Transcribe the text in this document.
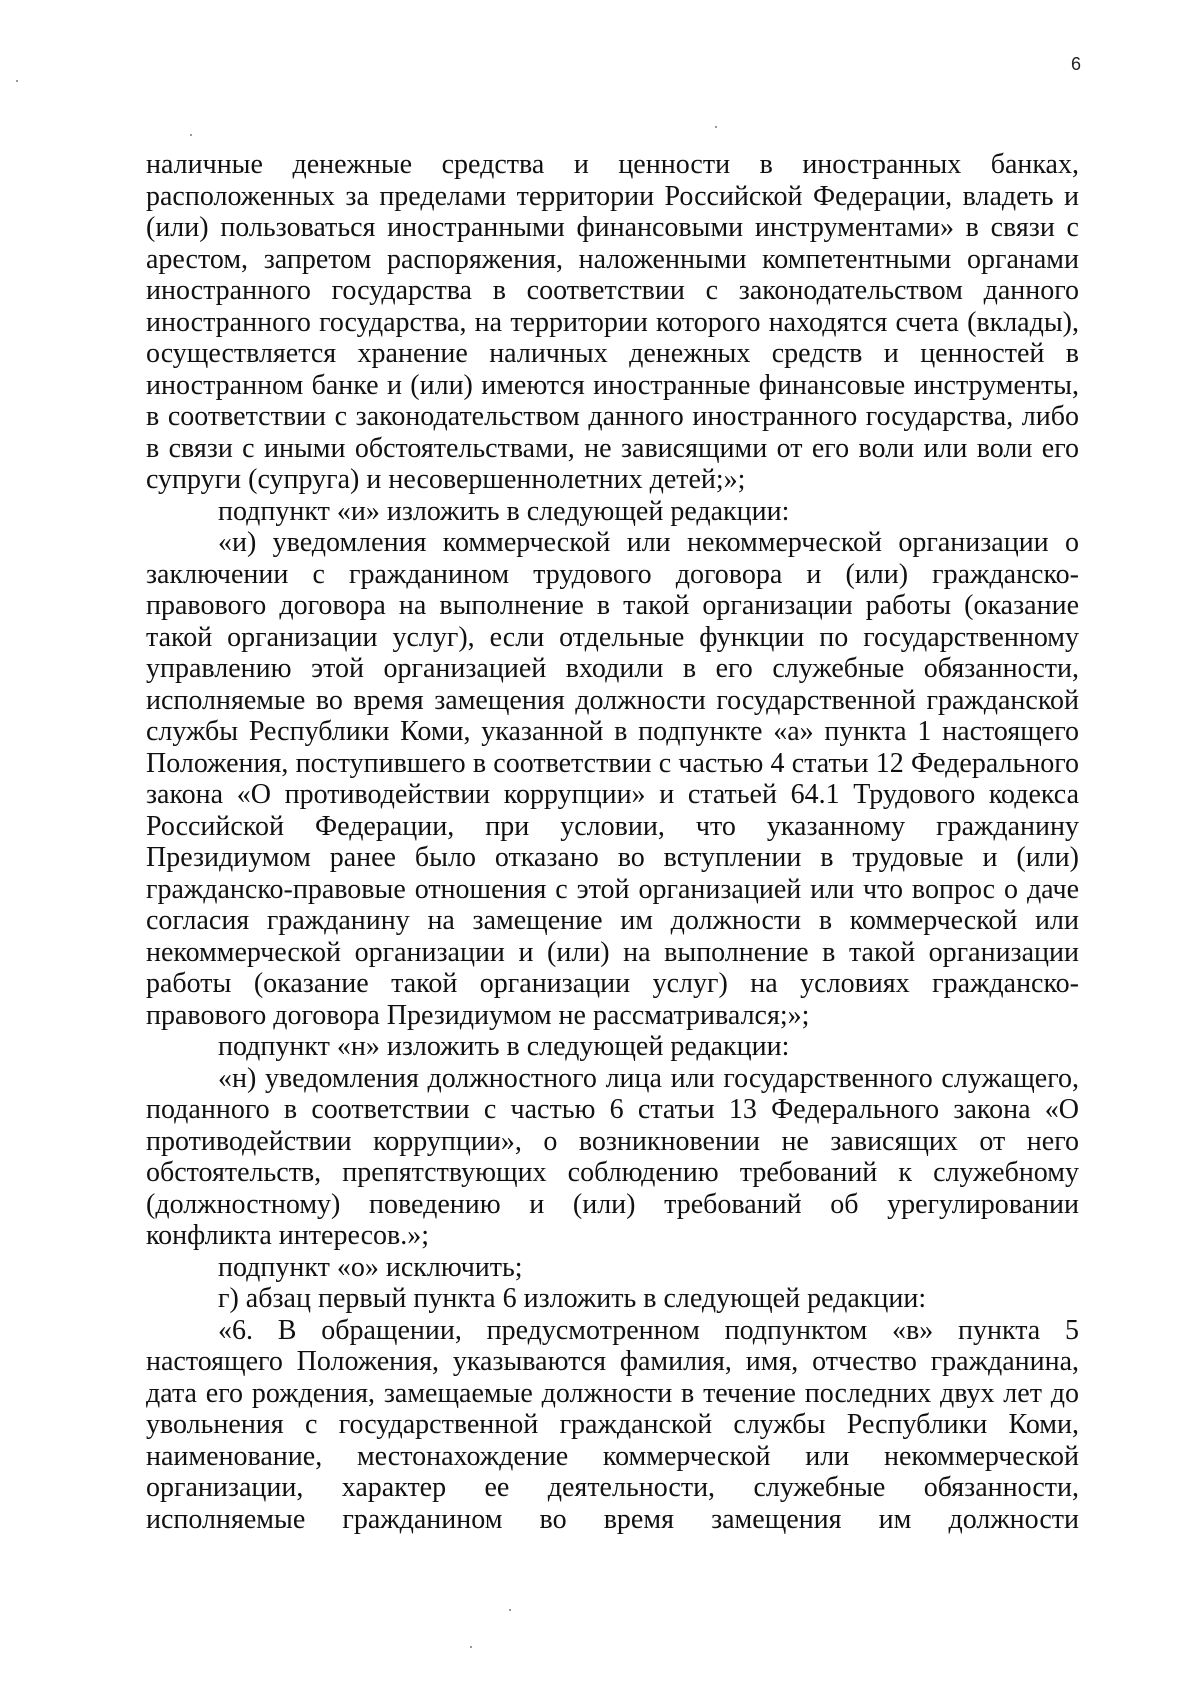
6

наличные денежные средства и ценности в иностранных банках, расположенных за пределами территории Российской Федерации, владеть и (или) пользоваться иностранными финансовыми инструментами» в связи с арестом, запретом распоряжения, наложенными компетентными органами иностранного государства в соответствии с законодательством данного иностранного государства, на территории которого находятся счета (вклады), осуществляется хранение наличных денежных средств и ценностей в иностранном банке и (или) имеются иностранные финансовые инструменты, в соответствии с законодательством данного иностранного государства, либо в связи с иными обстоятельствами, не зависящими от его воли или воли его супруги (супруга) и несовершеннолетних детей;»;

подпункт «и» изложить в следующей редакции:

«и) уведомления коммерческой или некоммерческой организации о заключении с гражданином трудового договора и (или) гражданско-правового договора на выполнение в такой организации работы (оказание такой организации услуг), если отдельные функции по государственному управлению этой организацией входили в его служебные обязанности, исполняемые во время замещения должности государственной гражданской службы Республики Коми, указанной в подпункте «а» пункта 1 настоящего Положения, поступившего в соответствии с частью 4 статьи 12 Федерального закона «О противодействии коррупции» и статьей 64.1 Трудового кодекса Российской Федерации, при условии, что указанному гражданину Президиумом ранее было отказано во вступлении в трудовые и (или) гражданско-правовые отношения с этой организацией или что вопрос о даче согласия гражданину на замещение им должности в коммерческой или некоммерческой организации и (или) на выполнение в такой организации работы (оказание такой организации услуг) на условиях гражданско-правового договора Президиумом не рассматривался;»;

подпункт «н» изложить в следующей редакции:

«н) уведомления должностного лица или государственного служащего, поданного в соответствии с частью 6 статьи 13 Федерального закона «О противодействии коррупции», о возникновении не зависящих от него обстоятельств, препятствующих соблюдению требований к служебному (должностному) поведению и (или) требований об урегулировании конфликта интересов.»;

подпункт «о» исключить;

г) абзац первый пункта 6 изложить в следующей редакции:

«6. В обращении, предусмотренном подпунктом «в» пункта 5 настоящего Положения, указываются фамилия, имя, отчество гражданина, дата его рождения, замещаемые должности в течение последних двух лет до увольнения с государственной гражданской службы Республики Коми, наименование, местонахождение коммерческой или некоммерческой организации, характер ее деятельности, служебные обязанности, исполняемые гражданином во время замещения им должности
